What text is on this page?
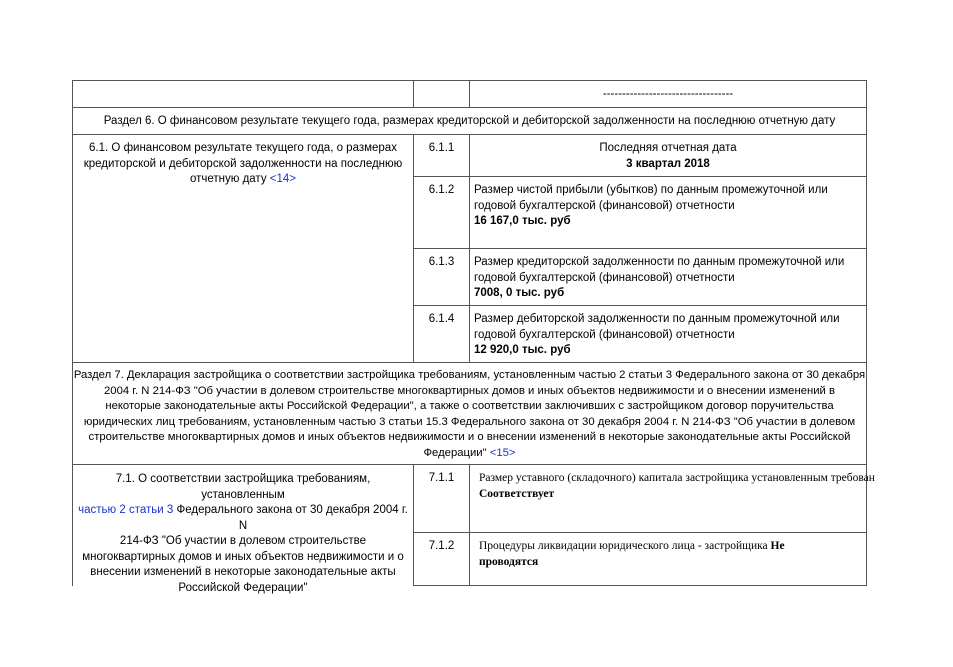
----------------------------------
Раздел 6. О финансовом результате текущего года, размерах кредиторской и дебиторской задолженности на последнюю отчетную дату
6.1. О финансовом результате текущего года, о размерах
кредиторской и дебиторской задолженности на последнюю
отчетную дату <14>
6.1.1	Последняя отчетная дата
3 квартал 2018
6.1.2	Размер чистой прибыли (убытков) по данным промежуточной или
годовой бухгалтерской (финансовой) отчетности
16 167,0 тыс. руб
6.1.3	Размер кредиторской задолженности по данным промежуточной или
годовой бухгалтерской (финансовой) отчетности
7008, 0 тыс. руб
6.1.4	Размер дебиторской задолженности по данным промежуточной или
годовой бухгалтерской (финансовой) отчетности
12 920,0 тыс. руб
Раздел 7. Декларация застройщика о соответствии застройщика требованиям, установленным частью 2 статьи 3 Федерального закона от 30 декабря
2004 г. N 214-ФЗ "Об участии в долевом строительстве многоквартирных домов и иных объектов недвижимости и о внесении изменений в
некоторые законодательные акты Российской Федерации", а также о соответствии заключивших с застройщиком договор поручительства
юридических лиц требованиям, установленным частью 3 статьи 15.3 Федерального закона от 30 декабря 2004 г. N 214-ФЗ "Об участии в долевом
строительстве многоквартирных домов и иных объектов недвижимости и о внесении изменений в некоторые законодательные акты Российской
Федерации" <15>
7.1. О соответствии застройщика требованиям, установленным
частью 2 статьи 3 Федерального закона от 30 декабря 2004 г. N
214-ФЗ "Об участии в долевом строительстве
многоквартирных домов и иных объектов недвижимости и о
внесении изменений в некоторые законодательные акты
Российской Федерации"
7.1.1	Размер уставного (складочного) капитала застройщика установленным требован
Соответствует
7.1.2	Процедуры ликвидации юридического лица - застройщика Не
проводятся
